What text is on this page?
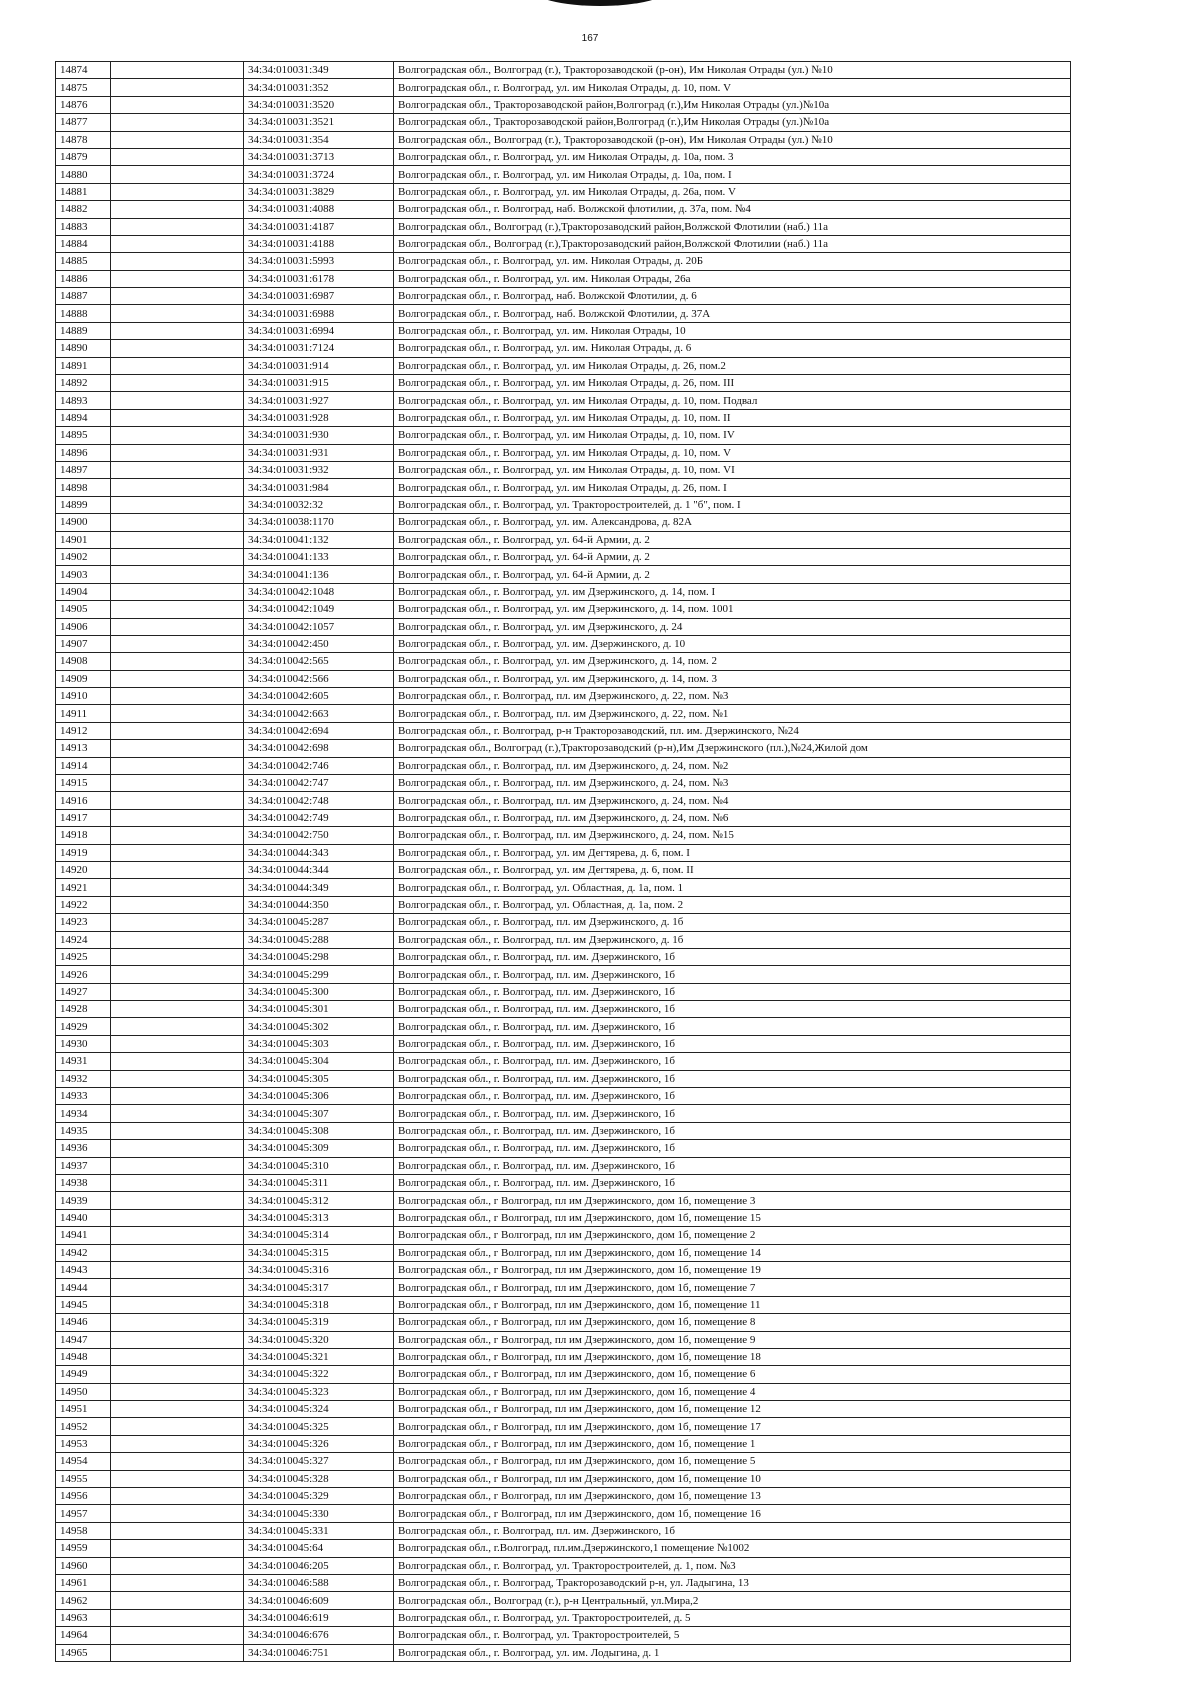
167
14874		34:34:010031:349	Волгоградская обл., Волгоград (г.), Тракторозаводской (р-он), Им Николая Отрады (ул.) №10
14875		34:34:010031:352	Волгоградская обл., г. Волгоград, ул. им Николая Отрады, д. 10, пом. V
14876		34:34:010031:3520	Волгоградская обл., Тракторозаводской район,Волгоград (г.),Им Николая Отрады (ул.)№10а
14877		34:34:010031:3521	Волгоградская обл., Тракторозаводской район,Волгоград (г.),Им Николая Отрады (ул.)№10а
14878		34:34:010031:354	Волгоградская обл., Волгоград (г.), Тракторозаводской (р-он), Им Николая Отрады (ул.) №10
14879		34:34:010031:3713	Волгоградская обл., г. Волгоград, ул. им Николая Отрады, д. 10а, пом. 3
14880		34:34:010031:3724	Волгоградская обл., г. Волгоград, ул. им Николая Отрады, д. 10а, пом. I
14881		34:34:010031:3829	Волгоградская обл., г. Волгоград, ул. им Николая Отрады, д. 26а, пом. V
14882		34:34:010031:4088	Волгоградская обл., г. Волгоград, наб. Волжской флотилии, д. 37а, пом. №4
14883		34:34:010031:4187	Волгоградская обл., Волгоград (г.),Тракторозаводский район,Волжской Флотилии (наб.) 11а
14884		34:34:010031:4188	Волгоградская обл., Волгоград (г.),Тракторозаводский район,Волжской Флотилии (наб.) 11а
14885		34:34:010031:5993	Волгоградская обл., г. Волгоград, ул. им. Николая Отрады, д. 20Б
14886		34:34:010031:6178	Волгоградская обл., г. Волгоград, ул. им. Николая Отрады, 26а
14887		34:34:010031:6987	Волгоградская обл., г. Волгоград, наб. Волжской Флотилии, д. 6
14888		34:34:010031:6988	Волгоградская обл., г. Волгоград, наб. Волжской Флотилии, д. 37А
14889		34:34:010031:6994	Волгоградская обл., г. Волгоград, ул. им. Николая Отрады, 10
14890		34:34:010031:7124	Волгоградская обл., г. Волгоград, ул. им. Николая Отрады, д. 6
14891		34:34:010031:914	Волгоградская обл., г. Волгоград, ул. им Николая Отрады, д. 26, пом.2
14892		34:34:010031:915	Волгоградская обл., г. Волгоград, ул. им Николая Отрады, д. 26, пом. III
14893		34:34:010031:927	Волгоградская обл., г. Волгоград, ул. им Николая Отрады, д. 10, пом. Подвал
14894		34:34:010031:928	Волгоградская обл., г. Волгоград, ул. им Николая Отрады, д. 10, пом. II
14895		34:34:010031:930	Волгоградская обл., г. Волгоград, ул. им Николая Отрады, д. 10, пом. IV
14896		34:34:010031:931	Волгоградская обл., г. Волгоград, ул. им Николая Отрады, д. 10, пом. V
14897		34:34:010031:932	Волгоградская обл., г. Волгоград, ул. им Николая Отрады, д. 10, пом. VI
14898		34:34:010031:984	Волгоградская обл., г. Волгоград, ул. им Николая Отрады, д. 26, пом. I
14899		34:34:010032:32	Волгоградская обл., г. Волгоград, ул. Тракторостроителей, д. 1 "б", пом. I
14900		34:34:010038:1170	Волгоградская обл., г. Волгоград, ул. им. Александрова, д. 82А
14901		34:34:010041:132	Волгоградская обл., г. Волгоград, ул. 64-й Армии, д. 2
14902		34:34:010041:133	Волгоградская обл., г. Волгоград, ул. 64-й Армии, д. 2
14903		34:34:010041:136	Волгоградская обл., г. Волгоград, ул. 64-й Армии, д. 2
14904		34:34:010042:1048	Волгоградская обл., г. Волгоград, ул. им Дзержинского, д. 14, пом. I
14905		34:34:010042:1049	Волгоградская обл., г. Волгоград, ул. им Дзержинского, д. 14, пом. 1001
14906		34:34:010042:1057	Волгоградская обл., г. Волгоград, ул. им Дзержинского, д. 24
14907		34:34:010042:450	Волгоградская обл., г. Волгоград, ул. им. Дзержинского, д. 10
14908		34:34:010042:565	Волгоградская обл., г. Волгоград, ул. им Дзержинского, д. 14, пом. 2
14909		34:34:010042:566	Волгоградская обл., г. Волгоград, ул. им Дзержинского, д. 14, пом. 3
14910		34:34:010042:605	Волгоградская обл., г. Волгоград, пл. им Дзержинского, д. 22, пом. №3
14911		34:34:010042:663	Волгоградская обл., г. Волгоград, пл. им Дзержинского, д. 22, пом. №1
14912		34:34:010042:694	Волгоградская обл., г. Волгоград, р-н Тракторозаводский, пл. им. Дзержинского, №24
14913		34:34:010042:698	Волгоградская обл., Волгоград (г.),Тракторозаводский (р-н),Им Дзержинского (пл.),№24,Жилой дом
14914		34:34:010042:746	Волгоградская обл., г. Волгоград, пл. им Дзержинского, д. 24, пом. №2
14915		34:34:010042:747	Волгоградская обл., г. Волгоград, пл. им Дзержинского, д. 24, пом. №3
14916		34:34:010042:748	Волгоградская обл., г. Волгоград, пл. им Дзержинского, д. 24, пом. №4
14917		34:34:010042:749	Волгоградская обл., г. Волгоград, пл. им Дзержинского, д. 24, пом. №6
14918		34:34:010042:750	Волгоградская обл., г. Волгоград, пл. им Дзержинского, д. 24, пом. №15
14919		34:34:010044:343	Волгоградская обл., г. Волгоград, ул. им Дегтярева, д. 6, пом. I
14920		34:34:010044:344	Волгоградская обл., г. Волгоград, ул. им Дегтярева, д. 6, пом. II
14921		34:34:010044:349	Волгоградская обл., г. Волгоград, ул. Областная, д. 1а, пом. 1
14922		34:34:010044:350	Волгоградская обл., г. Волгоград, ул. Областная, д. 1а, пом. 2
14923		34:34:010045:287	Волгоградская обл., г. Волгоград, пл. им Дзержинского, д. 1б
14924		34:34:010045:288	Волгоградская обл., г. Волгоград, пл. им Дзержинского, д. 1б
14925		34:34:010045:298	Волгоградская обл., г. Волгоград, пл. им. Дзержинского, 1б
14926		34:34:010045:299	Волгоградская обл., г. Волгоград, пл. им. Дзержинского, 1б
14927		34:34:010045:300	Волгоградская обл., г. Волгоград, пл. им. Дзержинского, 1б
14928		34:34:010045:301	Волгоградская обл., г. Волгоград, пл. им. Дзержинского, 1б
14929		34:34:010045:302	Волгоградская обл., г. Волгоград, пл. им. Дзержинского, 1б
14930		34:34:010045:303	Волгоградская обл., г. Волгоград, пл. им. Дзержинского, 1б
14931		34:34:010045:304	Волгоградская обл., г. Волгоград, пл. им. Дзержинского, 1б
14932		34:34:010045:305	Волгоградская обл., г. Волгоград, пл. им. Дзержинского, 1б
14933		34:34:010045:306	Волгоградская обл., г. Волгоград, пл. им. Дзержинского, 1б
14934		34:34:010045:307	Волгоградская обл., г. Волгоград, пл. им. Дзержинского, 1б
14935		34:34:010045:308	Волгоградская обл., г. Волгоград, пл. им. Дзержинского, 1б
14936		34:34:010045:309	Волгоградская обл., г. Волгоград, пл. им. Дзержинского, 1б
14937		34:34:010045:310	Волгоградская обл., г. Волгоград, пл. им. Дзержинского, 1б
14938		34:34:010045:311	Волгоградская обл., г. Волгоград, пл. им. Дзержинского, 1б
14939		34:34:010045:312	Волгоградская обл., г Волгоград, пл им Дзержинского, дом 1б, помещение 3
14940		34:34:010045:313	Волгоградская обл., г Волгоград, пл им Дзержинского, дом 1б, помещение 15
14941		34:34:010045:314	Волгоградская обл., г Волгоград, пл им Дзержинского, дом 1б, помещение 2
14942		34:34:010045:315	Волгоградская обл., г Волгоград, пл им Дзержинского, дом 1б, помещение 14
14943		34:34:010045:316	Волгоградская обл., г Волгоград, пл им Дзержинского, дом 1б, помещение 19
14944		34:34:010045:317	Волгоградская обл., г Волгоград, пл им Дзержинского, дом 1б, помещение 7
14945		34:34:010045:318	Волгоградская обл., г Волгоград, пл им Дзержинского, дом 1б, помещение 11
14946		34:34:010045:319	Волгоградская обл., г Волгоград, пл им Дзержинского, дом 1б, помещение 8
14947		34:34:010045:320	Волгоградская обл., г Волгоград, пл им Дзержинского, дом 1б, помещение 9
14948		34:34:010045:321	Волгоградская обл., г Волгоград, пл им Дзержинского, дом 1б, помещение 18
14949		34:34:010045:322	Волгоградская обл., г Волгоград, пл им Дзержинского, дом 1б, помещение 6
14950		34:34:010045:323	Волгоградская обл., г Волгоград, пл им Дзержинского, дом 1б, помещение 4
14951		34:34:010045:324	Волгоградская обл., г Волгоград, пл им Дзержинского, дом 1б, помещение 12
14952		34:34:010045:325	Волгоградская обл., г Волгоград, пл им Дзержинского, дом 1б, помещение 17
14953		34:34:010045:326	Волгоградская обл., г Волгоград, пл им Дзержинского, дом 1б, помещение 1
14954		34:34:010045:327	Волгоградская обл., г Волгоград, пл им Дзержинского, дом 1б, помещение 5
14955		34:34:010045:328	Волгоградская обл., г Волгоград, пл им Дзержинского, дом 1б, помещение 10
14956		34:34:010045:329	Волгоградская обл., г Волгоград, пл им Дзержинского, дом 1б, помещение 13
14957		34:34:010045:330	Волгоградская обл., г Волгоград, пл им Дзержинского, дом 1б, помещение 16
14958		34:34:010045:331	Волгоградская обл., г. Волгоград, пл. им. Дзержинского, 1б
14959		34:34:010045:64	Волгоградская обл., г.Волгоград, пл.им.Дзержинского,1 помещение №1002
14960		34:34:010046:205	Волгоградская обл., г. Волгоград, ул. Тракторостроителей, д. 1, пом. №3
14961		34:34:010046:588	Волгоградская обл., г. Волгоград, Тракторозаводский р-н, ул. Ладыгина, 13
14962		34:34:010046:609	Волгоградская обл., Волгоград (г.), р-н Центральный, ул.Мира,2
14963		34:34:010046:619	Волгоградская обл., г. Волгоград, ул. Тракторостроителей, д. 5
14964		34:34:010046:676	Волгоградская обл., г. Волгоград, ул. Тракторостроителей, 5
14965		34:34:010046:751	Волгоградская обл., г. Волгоград, ул. им. Лодыгина, д. 1
